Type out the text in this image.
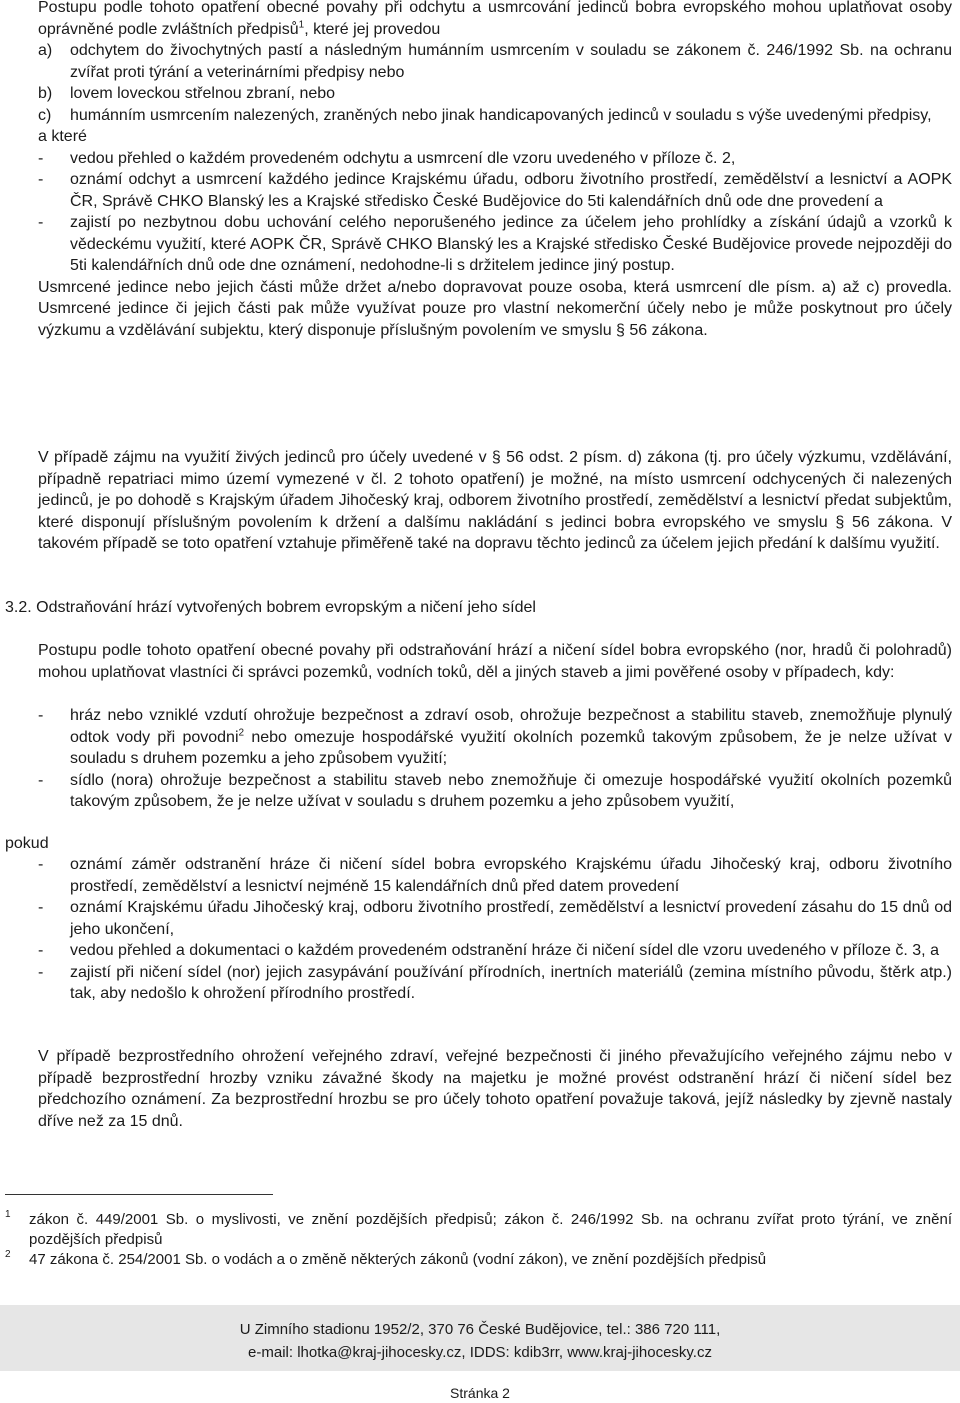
Postupu podle tohoto opatření obecné povahy při odchytu a usmrcování jedinců bobra evropského mohou uplatňovat osoby oprávněné podle zvláštních předpisů$^1$, které jej provedou
a) odchytem do živochytných pastí a následným humánním usmrcením v souladu se zákonem č. 246/1992 Sb. na ochranu zvířat proti týrání a veterinárními předpisy nebo
b) lovem loveckou střelnou zbraní, nebo
c) humánním usmrcením nalezených, zraněných nebo jinak handicapovaných jedinců v souladu s výše uvedenými předpisy,
a které
- vedou přehled o každém provedeném odchytu a usmrcení dle vzoru uvedeného v příloze č. 2,
- oznámí odchyt a usmrcení každého jedince Krajskému úřadu, odboru životního prostředí, zemědělství a lesnictví a AOPK ČR, Správě CHKO Blanský les a Krajské středisko České Budějovice do 5ti kalendářních dnů ode dne provedení a
- zajistí po nezbytnou dobu uchování celého neporušeného jedince za účelem jeho prohlídky a získání údajů a vzorků k vědeckému využití, které AOPK ČR, Správě CHKO Blanský les a Krajské středisko České Budějovice provede nejpozději do 5ti kalendářních dnů ode dne oznámení, nedohodne-li s držitelem jedince jiný postup.
Usmrcené jedince nebo jejich části může držet a/nebo dopravovat pouze osoba, která usmrcení dle písm. a) až c) provedla. Usmrcené jedince či jejich části pak může využívat pouze pro vlastní nekomerční účely nebo je může poskytnout pro účely výzkumu a vzdělávání subjektu, který disponuje příslušným povolením ve smyslu § 56 zákona.
V případě zájmu na využití živých jedinců pro účely uvedené v § 56 odst. 2 písm. d) zákona (tj. pro účely výzkumu, vzdělávání, případně repatriaci mimo území vymezené v čl. 2 tohoto opatření) je možné, na místo usmrcení odchycených či nalezených jedinců, je po dohodě s Krajským úřadem Jihočeský kraj, odborem životního prostředí, zemědělství a lesnictví předat subjektům, které disponují příslušným povolením k držení a dalšímu nakládání s jedinci bobra evropského ve smyslu § 56 zákona. V takovém případě se toto opatření vztahuje přiměřeně také na dopravu těchto jedinců za účelem jejich předání k dalšímu využití.
3.2. Odstraňování hrází vytvořených bobrem evropským a ničení jeho sídel
Postupu podle tohoto opatření obecné povahy při odstraňování hrází a ničení sídel bobra evropského (nor, hradů či polohradů) mohou uplatňovat vlastníci či správci pozemků, vodních toků, děl a jiných staveb a jimi pověřené osoby v případech, kdy:
- hráz nebo vzniklé vzdutí ohrožuje bezpečnost a zdraví osob, ohrožuje bezpečnost a stabilitu staveb, znemožňuje plynulý odtok vody při povodni$^2$ nebo omezuje hospodářské využití okolních pozemků takovým způsobem, že je nelze užívat v souladu s druhem pozemku a jeho způsobem využití;
- sídlo (nora) ohrožuje bezpečnost a stabilitu staveb nebo znemožňuje či omezuje hospodářské využití okolních pozemků takovým způsobem, že je nelze užívat v souladu s druhem pozemku a jeho způsobem využití,
pokud
- oznámí záměr odstranění hráze či ničení sídel bobra evropského Krajskému úřadu Jihočeský kraj, odboru životního prostředí, zemědělství a lesnictví nejméně 15 kalendářních dnů před datem provedení
- oznámí Krajskému úřadu Jihočeský kraj, odboru životního prostředí, zemědělství a lesnictví provedení zásahu do 15 dnů od jeho ukončení,
- vedou přehled a dokumentaci o každém provedeném odstranění hráze či ničení sídel dle vzoru uvedeného v příloze č. 3, a
- zajistí při ničení sídel (nor) jejich zasypávání používání přírodních, inertních materiálů (zemina místního původu, štěrk atp.) tak, aby nedošlo k ohrožení přírodního prostředí.
V případě bezprostředního ohrožení veřejného zdraví, veřejné bezpečnosti či jiného převažujícího veřejného zájmu nebo v případě bezprostřední hrozby vzniku závažné škody na majetku je možné provést odstranění hrází či ničení sídel bez předchozího oznámení. Za bezprostřední hrozbu se pro účely tohoto opatření považuje taková, jejíž následky by zjevně nastaly dříve než za 15 dnů.
1	zákon č. 449/2001 Sb. o myslivosti, ve znění pozdějších předpisů; zákon č. 246/1992 Sb. na ochranu zvířat proto týrání, ve znění pozdějších předpisů
2	47 zákona č. 254/2001 Sb. o vodách a o změně některých zákonů (vodní zákon), ve znění pozdějších předpisů
U Zimního stadionu 1952/2, 370 76 České Budějovice, tel.: 386 720 111,
e-mail: lhotka@kraj-jihocesky.cz, IDDS: kdib3rr, www.kraj-jihocesky.cz
Stránka 2
